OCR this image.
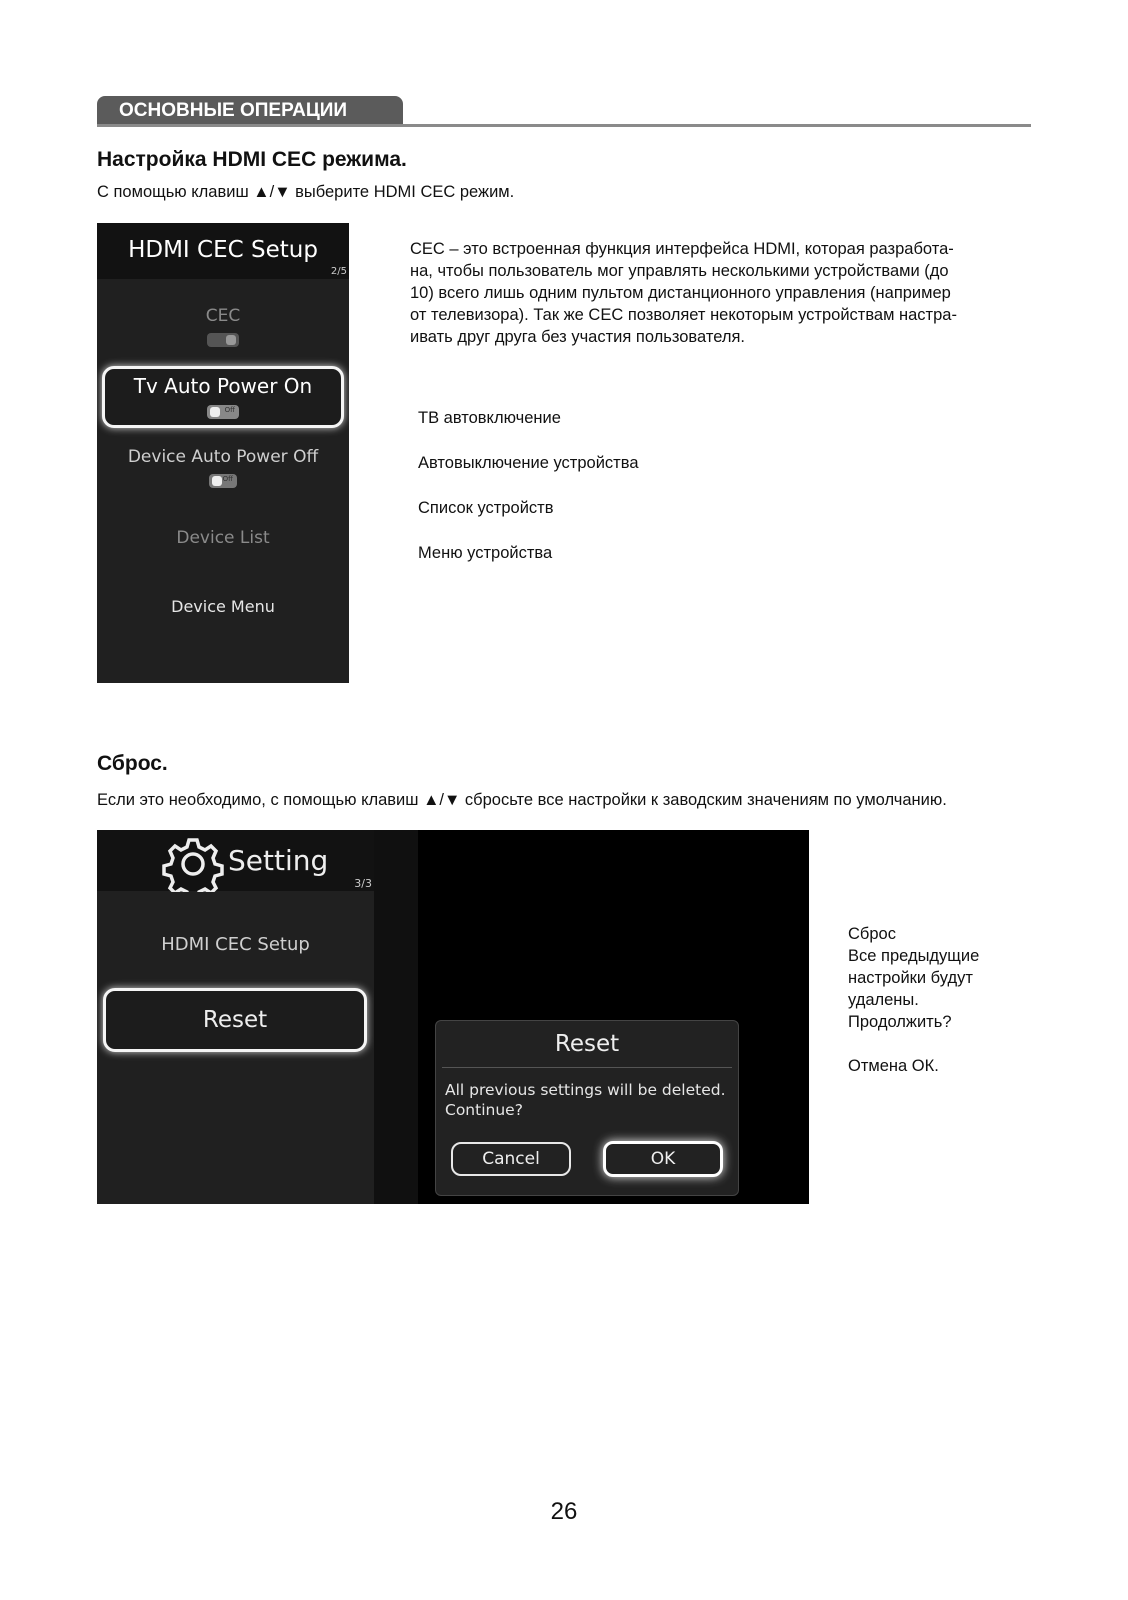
ОСНОВНЫЕ ОПЕРАЦИИ
Настройка HDMI CEC режима.
С помощью клавиш ▲/▼ выберите HDMI CEC режим.
HDMI CEC Setup
2/5
CEC
Tv Auto Power On
Off
Device Auto Power Off
Off
Device List
Device Menu
CEC – это встроенная функция интерфейса HDMI, которая разработа-
на, чтобы пользователь мог управлять несколькими устройствами (до
10) всего лишь одним пультом дистанционного управления (например
от телевизора). Так же CEC позволяет некоторым устройствам настра-
ивать друг друга без участия пользователя.
ТВ автовключение
Автовыключение устройства
Список устройств
Меню устройства
Сброс.
Если это необходимо, с помощью клавиш ▲/▼ сбросьте все настройки к заводским значениям по умолчанию.
Setting
3/3
HDMI CEC Setup
Reset
Reset
All previous settings will be deleted.
Continue?
Cancel	OK
Сброс
Все предыдущие
настройки будут
удалены.
Продолжить?
Отмена ОК.
26
